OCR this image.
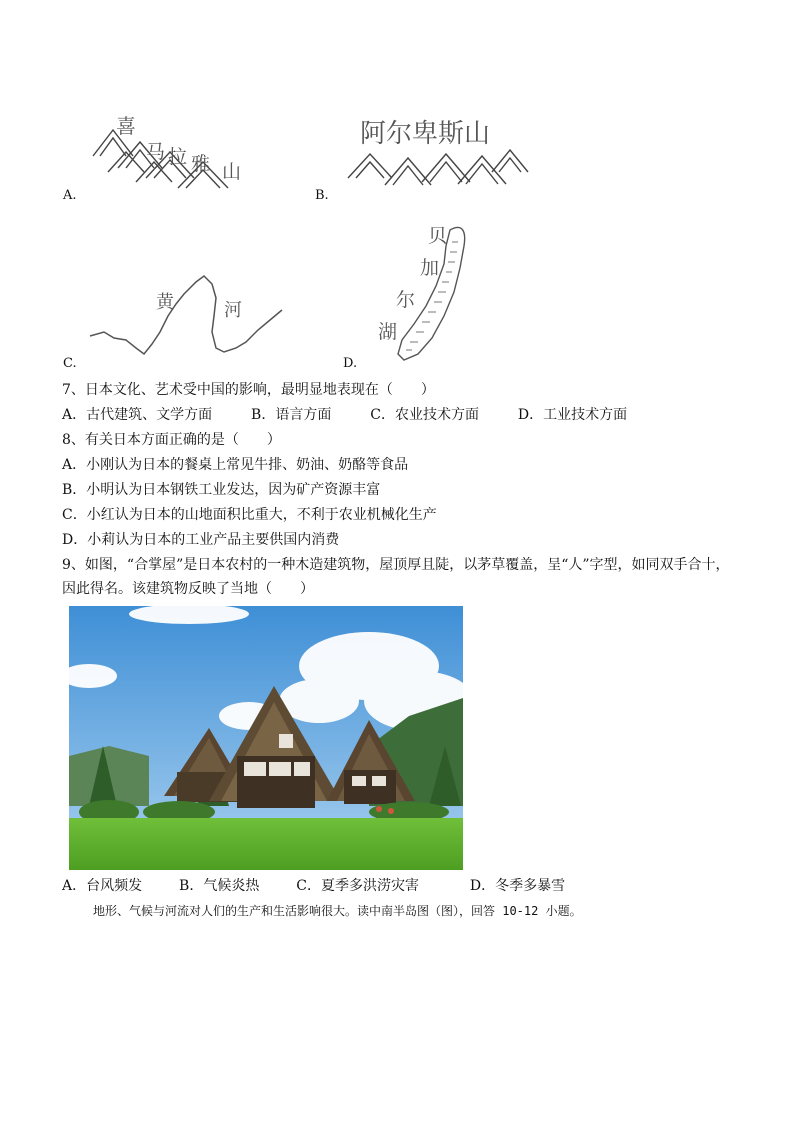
喜
马 拉 雅 山
A.
阿尔卑斯山
B.
黄	河
C.
贝
加
尔
湖
D.
7、日本文化、艺术受中国的影响，最明显地表现在（　　）
A．古代建筑、文学方面	B．语言方面	C．农业技术方面	D．工业技术方面
8、有关日本方面正确的是（　　）
A．小刚认为日本的餐桌上常见牛排、奶油、奶酪等食品
B．小明认为日本钢铁工业发达，因为矿产资源丰富
C．小红认为日本的山地面积比重大，不利于农业机械化生产
D．小莉认为日本的工业产品主要供国内消费
9、如图，“合掌屋”是日本农村的一种木造建筑物，屋顶厚且陡，以茅草覆盖，呈“人”字型，如同双手合十，
因此得名。该建筑物反映了当地（　　）
A．台风频发	B．气候炎热	C．夏季多洪涝灾害	D．冬季多暴雪
地形、气候与河流对人们的生产和生活影响很大。读中南半岛图（图），回答 10-12 小题。
